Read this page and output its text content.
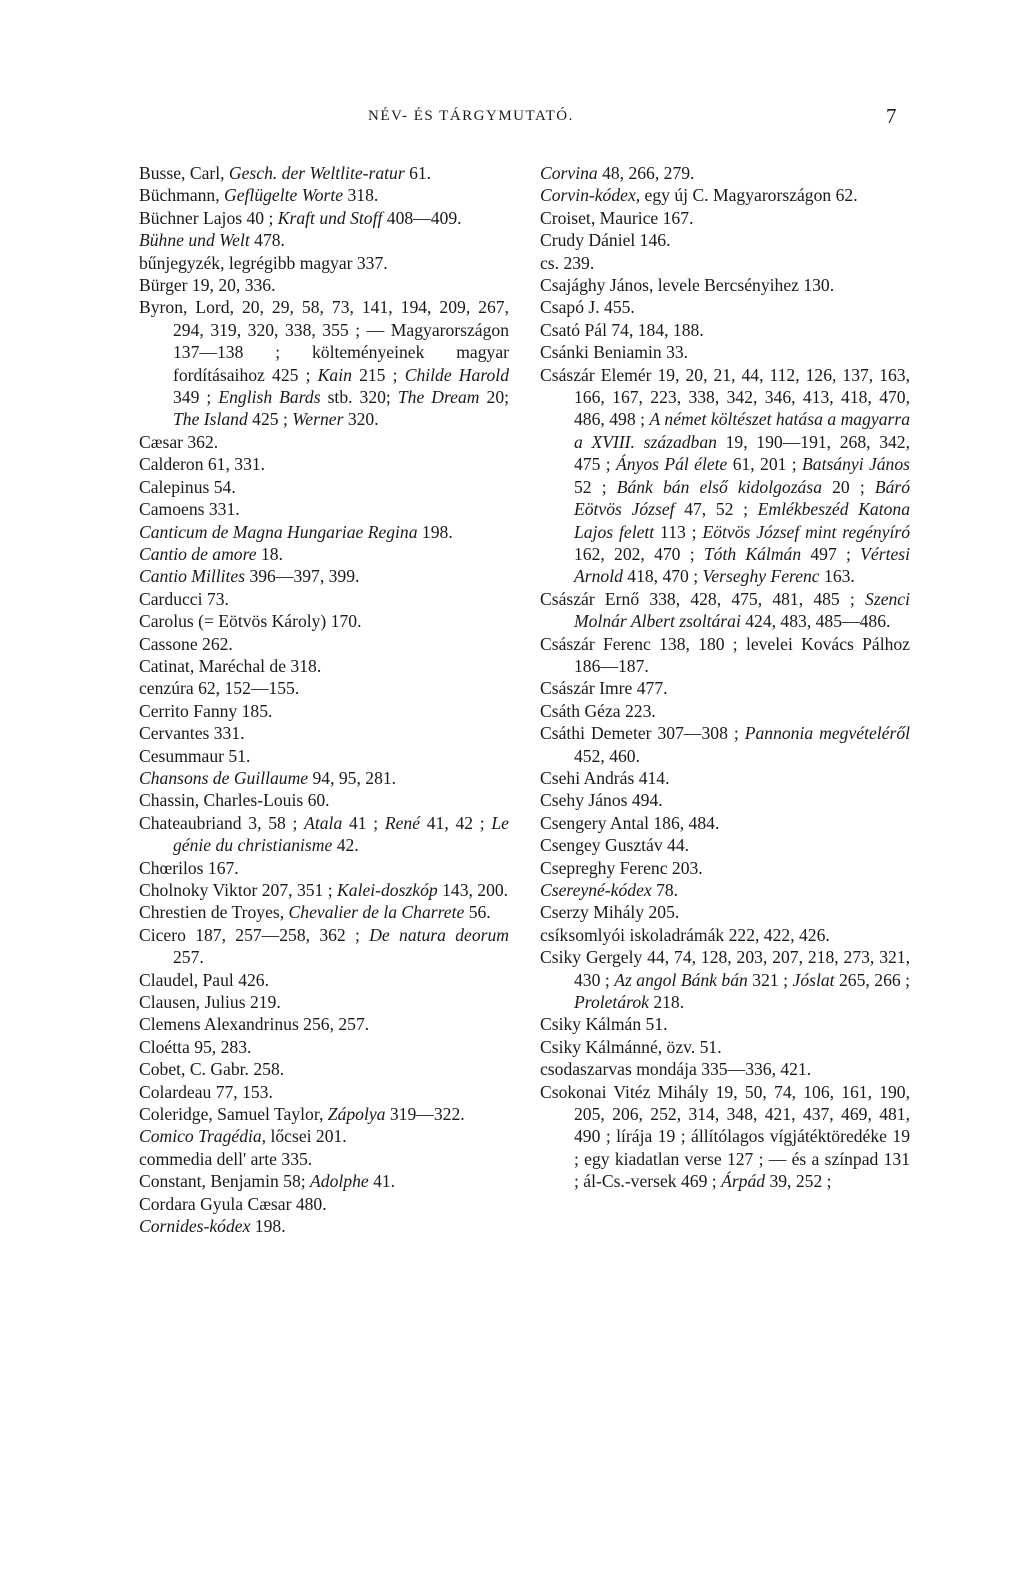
NÉV- ÉS TÁRGYMUTATÓ.	7

Busse, Carl, Gesch. der Weltlite-ratur 61.

Büchmann, Geflügelte Worte 318.

Büchner Lajos 40 ; Kraft und Stoff 408—409.

Bühne und Welt 478.

bűnjegyzék, legrégibb magyar 337.

Bürger 19, 20, 336.

Byron, Lord, 20, 29, 58, 73, 141, 194, 209, 267, 294, 319, 320, 338, 355 ; — Magyarországon 137—138 ; költeményeinek magyar fordításaihoz 425 ; Kain 215 ; Childe Harold 349 ; English Bards stb. 320; The Dream 20; The Island 425 ; Werner 320.

Cæsar 362.

Calderon 61, 331.

Calepinus 54.

Camoens 331.

Canticum de Magna Hungariae Regina 198.

Cantio de amore 18.

Cantio Millites 396—397, 399.

Carducci 73.

Carolus (= Eötvös Károly) 170.

Cassone 262.

Catinat, Maréchal de 318.

cenzúra 62, 152—155.

Cerrito Fanny 185.

Cervantes 331.

Cesummaur 51.

Chansons de Guillaume 94, 95, 281.

Chassin, Charles-Louis 60.

Chateaubriand 3, 58 ; Atala 41 ; René 41, 42 ; Le génie du christianisme 42.

Chœrilos 167.

Cholnoky Viktor 207, 351 ; Kalei-doszkóp 143, 200.

Chrestien de Troyes, Chevalier de la Charrete 56.

Cicero 187, 257—258, 362 ; De natura deorum 257.

Claudel, Paul 426.

Clausen, Julius 219.

Clemens Alexandrinus 256, 257.

Cloétta 95, 283.

Cobet, C. Gabr. 258.

Colardeau 77, 153.

Coleridge, Samuel Taylor, Zápolya 319—322.

Comico Tragédia, lőcsei 201.

commedia dell' arte 335.

Constant, Benjamin 58; Adolphe 41.

Cordara Gyula Cæsar 480.

Cornides-kódex 198.

Corvina 48, 266, 279.

Corvin-kódex, egy új C. Magyarországon 62.

Croiset, Maurice 167.

Crudy Dániel 146.

cs. 239.

Csajághy János, levele Bercsényihez 130.

Csapó J. 455.

Csató Pál 74, 184, 188.

Csánki Beniamin 33.

Császár Elemér 19, 20, 21, 44, 112, 126, 137, 163, 166, 167, 223, 338, 342, 346, 413, 418, 470, 486, 498 ; A német költészet hatása a magyarra a XVIII. században 19, 190—191, 268, 342, 475 ; Ányos Pál élete 61, 201 ; Batsányi János 52 ; Bánk bán első kidolgozása 20 ; Báró Eötvös József 47, 52 ; Emlékbeszéd Katona Lajos felett 113 ; Eötvös József mint regényíró 162, 202, 470 ; Tóth Kálmán 497 ; Vértesi Arnold 418, 470 ; Verseghy Ferenc 163.

Császár Ernő 338, 428, 475, 481, 485 ; Szenci Molnár Albert zsoltárai 424, 483, 485—486.

Császár Ferenc 138, 180 ; levelei Kovács Pálhoz 186—187.

Császár Imre 477.

Csáth Géza 223.

Csáthi Demeter 307—308 ; Pannonia megvételéről 452, 460.

Csehi András 414.

Csehy János 494.

Csengery Antal 186, 484.

Csengey Gusztáv 44.

Csepreghy Ferenc 203.

Csereyné-kódex 78.

Cserzy Mihály 205.

csíksomlyói iskoladrámák 222, 422, 426.

Csiky Gergely 44, 74, 128, 203, 207, 218, 273, 321, 430 ; Az angol Bánk bán 321 ; Jóslat 265, 266 ; Proletárok 218.

Csiky Kálmán 51.

Csiky Kálmánné, özv. 51.

csodaszarvas mondája 335—336, 421.

Csokonai Vitéz Mihály 19, 50, 74, 106, 161, 190, 205, 206, 252, 314, 348, 421, 437, 469, 481, 490 ; lírája 19 ; állítólagos vígjátéktöredéke 19 ; egy kiadatlan verse 127 ; — és a színpad 131 ; ál-Cs.-versek 469 ; Árpád 39, 252 ;
